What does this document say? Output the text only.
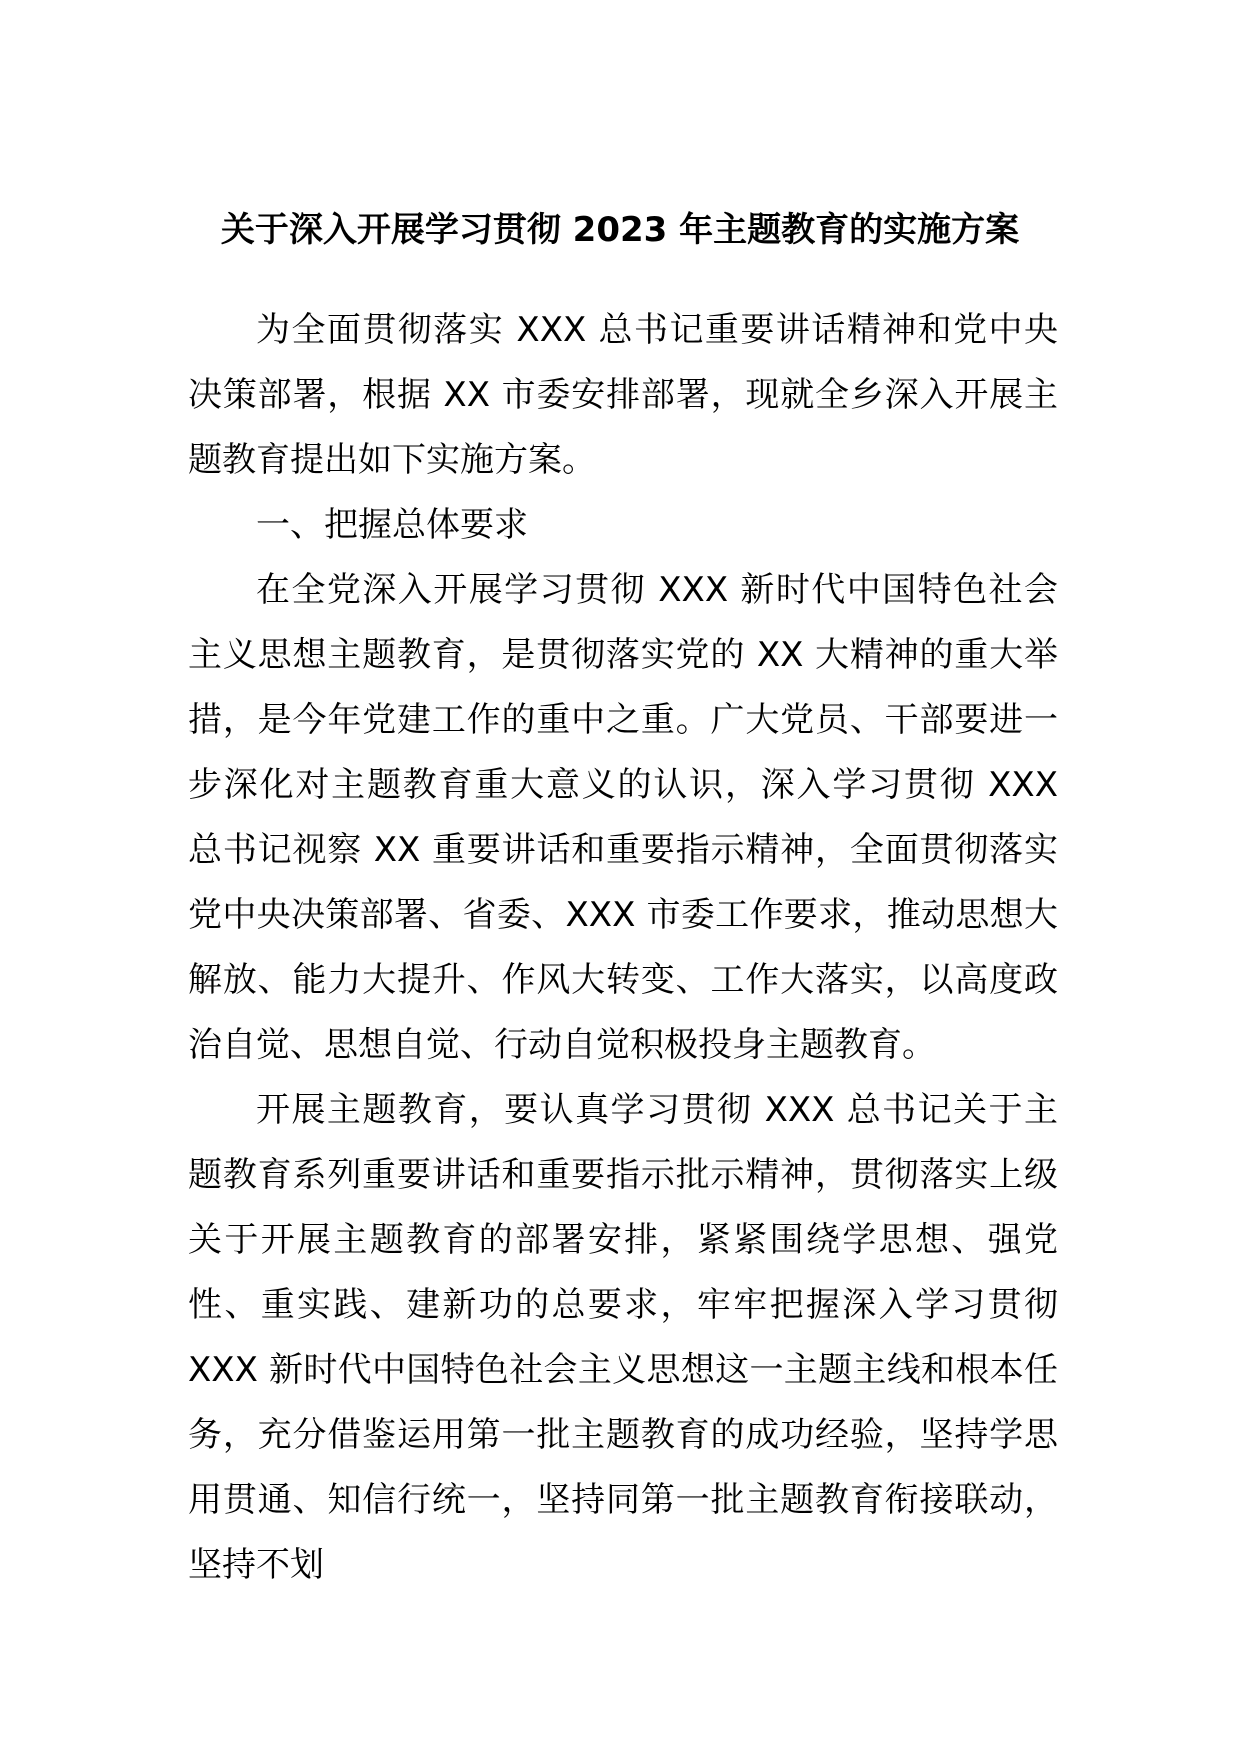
关于深入开展学习贯彻 2023 年主题教育的实施方案

为全面贯彻落实 XXX 总书记重要讲话精神和党中央决策部署，根据 XX 市委安排部署，现就全乡深入开展主题教育提出如下实施方案。

一、把握总体要求

在全党深入开展学习贯彻 XXX 新时代中国特色社会主义思想主题教育，是贯彻落实党的 XX 大精神的重大举措，是今年党建工作的重中之重。广大党员、干部要进一步深化对主题教育重大意义的认识，深入学习贯彻 XXX 总书记视察 XX 重要讲话和重要指示精神，全面贯彻落实党中央决策部署、省委、XXX 市委工作要求，推动思想大解放、能力大提升、作风大转变、工作大落实，以高度政治自觉、思想自觉、行动自觉积极投身主题教育。

开展主题教育，要认真学习贯彻 XXX 总书记关于主题教育系列重要讲话和重要指示批示精神，贯彻落实上级关于开展主题教育的部署安排，紧紧围绕学思想、强党性、重实践、建新功的总要求，牢牢把握深入学习贯彻 XXX 新时代中国特色社会主义思想这一主题主线和根本任务，充分借鉴运用第一批主题教育的成功经验，坚持学思用贯通、知信行统一，坚持同第一批主题教育衔接联动，坚持不划
